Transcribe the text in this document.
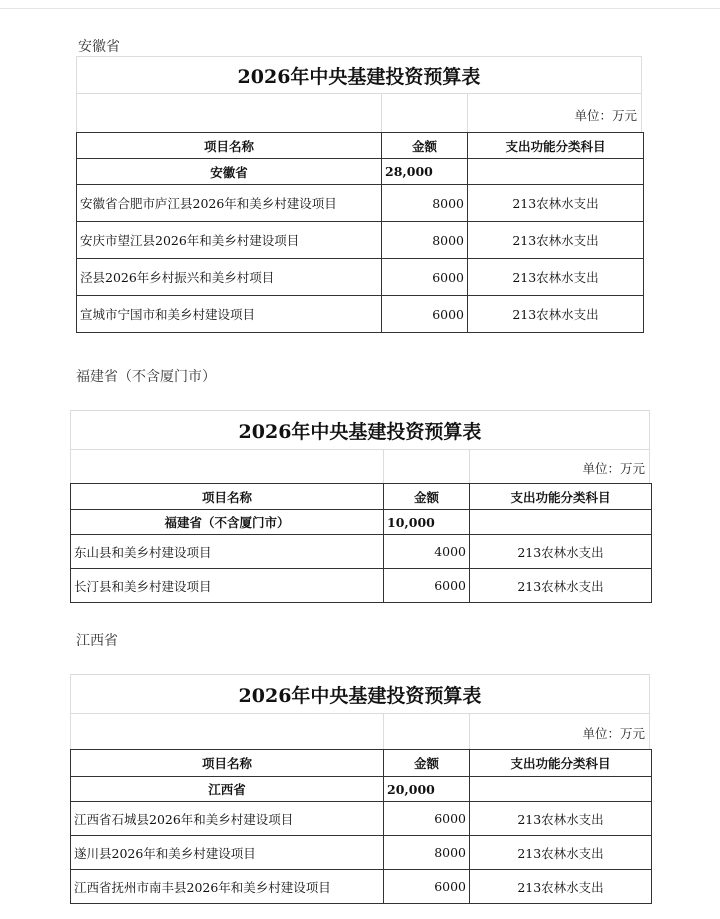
安徽省
2026年中央基建投资预算表
单位：万元
项目名称	金额	支出功能分类科目
安徽省	28,000	
安徽省合肥市庐江县2026年和美乡村建设项目	8000	213农林水支出
安庆市望江县2026年和美乡村建设项目	8000	213农林水支出
泾县2026年乡村振兴和美乡村项目	6000	213农林水支出
宣城市宁国市和美乡村建设项目	6000	213农林水支出
福建省（不含厦门市）
2026年中央基建投资预算表
单位：万元
项目名称	金额	支出功能分类科目
福建省（不含厦门市）	10,000	
东山县和美乡村建设项目	4000	213农林水支出
长汀县和美乡村建设项目	6000	213农林水支出
江西省
2026年中央基建投资预算表
单位：万元
项目名称	金额	支出功能分类科目
江西省	20,000	
江西省石城县2026年和美乡村建设项目	6000	213农林水支出
遂川县2026年和美乡村建设项目	8000	213农林水支出
江西省抚州市南丰县2026年和美乡村建设项目	6000	213农林水支出
